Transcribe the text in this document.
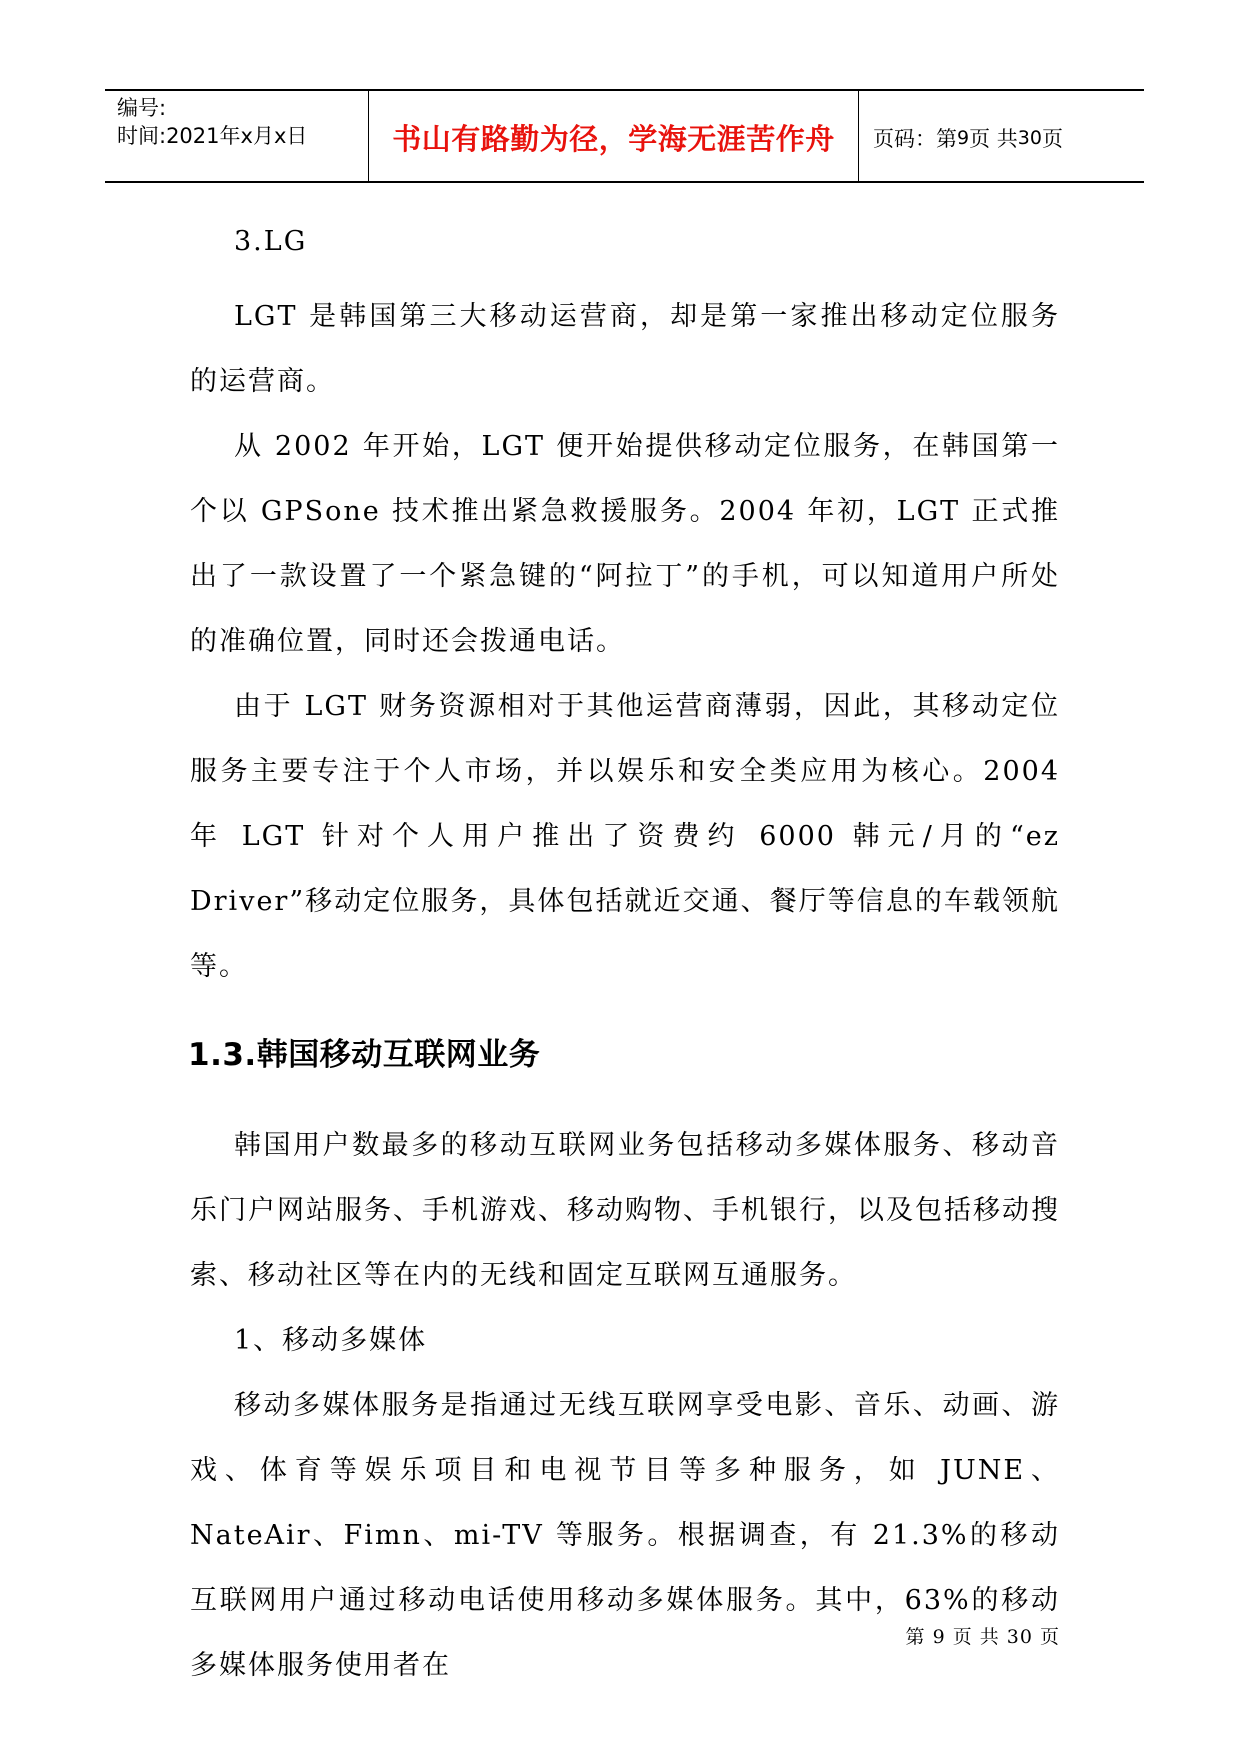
编号:
时间:2021年x月x日	书山有路勤为径，学海无涯苦作舟 页码：第 9 页 共 30 页

3.LG

LGT 是韩国第三大移动运营商，却是第一家推出移动定位服务的运营商。

从 2002 年开始，LGT 便开始提供移动定位服务，在韩国第一个以 GPSone 技术推出紧急救援服务。2004 年初，LGT 正式推出了一款设置了一个紧急键的“阿拉丁”的手机，可以知道用户所处的准确位置，同时还会拨通电话。

由于 LGT 财务资源相对于其他运营商薄弱，因此，其移动定位服务主要专注于个人市场，并以娱乐和安全类应用为核心。2004 年 LGT 针对个人用户推出了资费约 6000 韩元/月的“ez Driver”移动定位服务，具体包括就近交通、餐厅等信息的车载领航等。

1.3.韩国移动互联网业务

韩国用户数最多的移动互联网业务包括移动多媒体服务、移动音乐门户网站服务、手机游戏、移动购物、手机银行，以及包括移动搜索、移动社区等在内的无线和固定互联网互通服务。

1、移动多媒体

移动多媒体服务是指通过无线互联网享受电影、音乐、动画、游戏、体育等娱乐项目和电视节目等多种服务，如 JUNE、NateAir、Fimn、mi-TV 等服务。根据调查，有 21.3%的移动互联网用户通过移动电话使用移动多媒体服务。其中，63%的移动多媒体服务使用者在

第 9 页 共 30 页
